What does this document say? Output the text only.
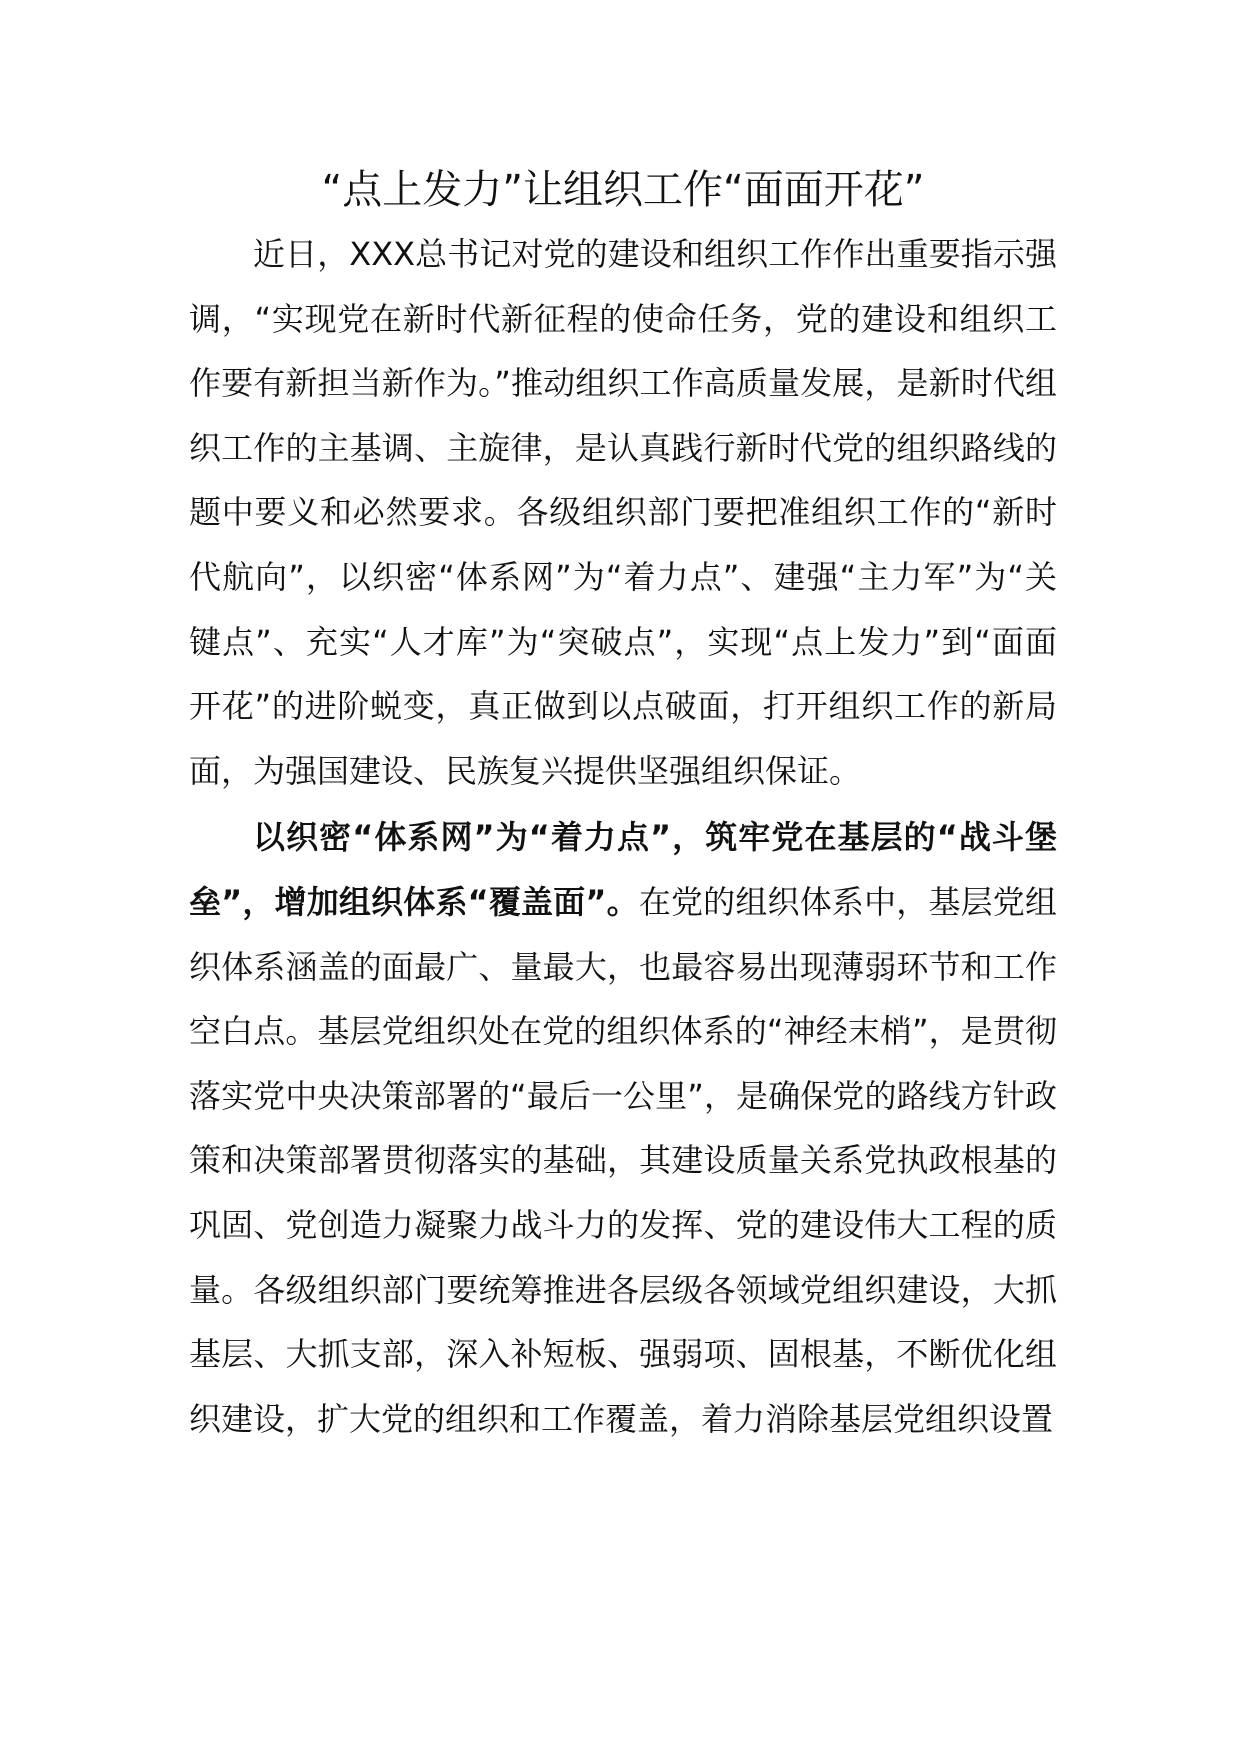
“点上发力”让组织工作“面面开花”

近日，XXX总书记对党的建设和组织工作作出重要指示强调，“实现党在新时代新征程的使命任务，党的建设和组织工作要有新担当新作为。”推动组织工作高质量发展，是新时代组织工作的主基调、主旋律，是认真践行新时代党的组织路线的题中要义和必然要求。各级组织部门要把准组织工作的“新时代航向”，以织密“体系网”为“着力点”、建强“主力军”为“关键点”、充实“人才库”为“突破点”，实现“点上发力”到“面面开花”的进阶蜕变，真正做到以点破面，打开组织工作的新局面，为强国建设、民族复兴提供坚强组织保证。

以织密“体系网”为“着力点”，筑牢党在基层的“战斗堡垒”，增加组织体系“覆盖面”。在党的组织体系中，基层党组织体系涵盖的面最广、量最大，也最容易出现薄弱环节和工作空白点。基层党组织处在党的组织体系的“神经末梢”，是贯彻落实党中央决策部署的“最后一公里”，是确保党的路线方针政策和决策部署贯彻落实的基础，其建设质量关系党执政根基的巩固、党创造力凝聚力战斗力的发挥、党的建设伟大工程的质量。各级组织部门要统筹推进各层级各领域党组织建设，大抓基层、大抓支部，深入补短板、强弱项、固根基，不断优化组织建设，扩大党的组织和工作覆盖，着力消除基层党组织设置
